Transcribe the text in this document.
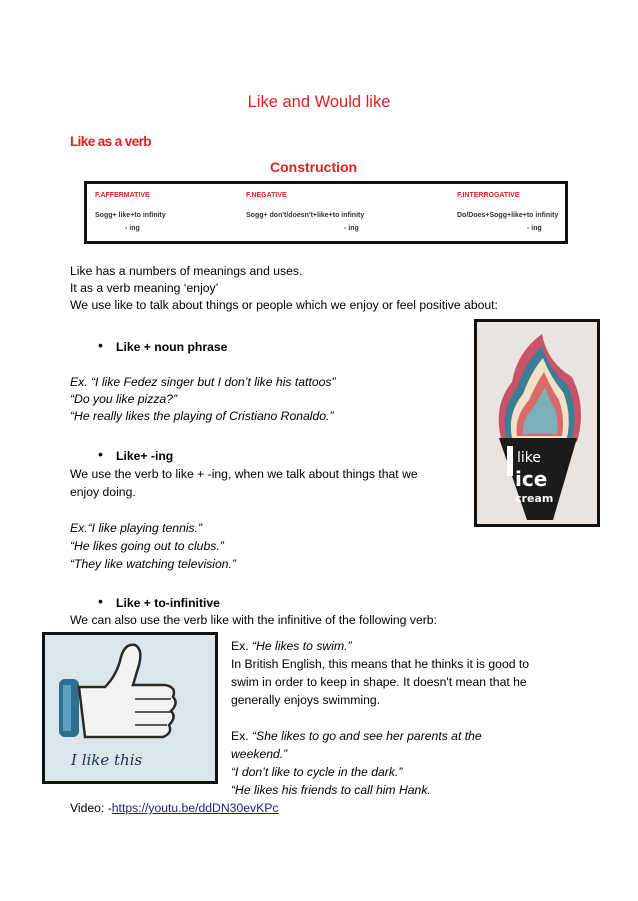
Like and Would like
Like as a verb
Construction
F.AFFERMATIVE
Sogg+ like+to infinity
- ing
F.NEGATIVE
Sogg+ don't/doesn't+like+to infinity
- ing
F.INTERROGATIVE
Do/Does+Sogg+like+to infinity
- ing
Like has a numbers of meanings and uses.
It as a verb meaning ‘enjoy’
We use like to talk about things or people which we enjoy or feel positive about:
• Like + noun phrase
Ex. “I like Fedez singer but I don’t like his tattoos”
“Do you like pizza?”
“He really likes the playing of Cristiano Ronaldo.”
• Like+ -ing
We use the verb to like + -ing, when we talk about things that we
enjoy doing.
Ex.“I like playing tennis.”
“He likes going out to clubs.”
“They like watching television.”
• Like + to-infinitive
We can also use the verb like with the infinitive of the following verb:
Ex. “He likes to swim.”
In British English, this means that he thinks it is good to
swim in order to keep in shape. It doesn't mean that he
generally enjoys swimming.
Ex. “She likes to go and see her parents at the
weekend.”
“I don’t like to cycle in the dark.”
“He likes his friends to call him Hank.
Video: -https://youtu.be/ddDN30evKPc
like
ice
cream
I like this
